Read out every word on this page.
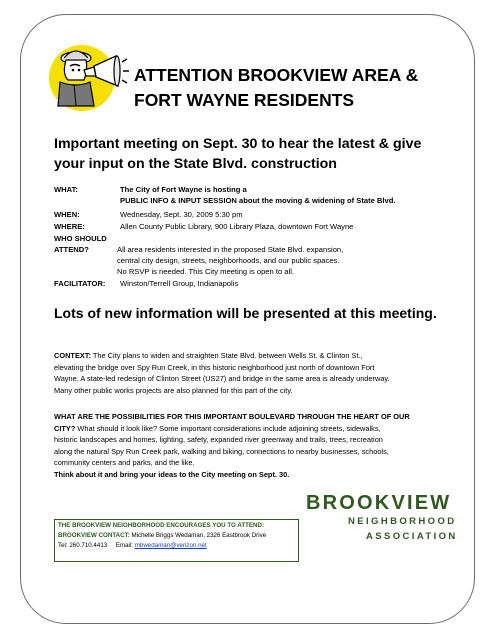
ATTENTION BROOKVIEW AREA &
FORT WAYNE RESIDENTS
Important meeting on Sept. 30 to hear the latest & give
your input on the State Blvd. construction
WHAT:	The City of Fort Wayne is hosting a
PUBLIC INFO & INPUT SESSION about the moving & widening of State Blvd.
WHEN:	Wednesday, Sept. 30, 2009 5:30 pm
WHERE:	Allen County Public Library, 900 Library Plaza, downtown Fort Wayne
WHO SHOULD
ATTEND?	All area residents interested in the proposed State Blvd. expansion,
central city design, streets, neighborhoods, and our public spaces.
No RSVP is needed. This City meeting is open to all.
FACILITATOR: Winston/Terrell Group, Indianapolis
Lots of new information will be presented at this meeting.
CONTEXT: The City plans to widen and straighten State Blvd. between Wells St. & Clinton St.,
elevating the bridge over Spy Run Creek, in this historic neighborhood just north of downtown Fort
Wayne. A state-led redesign of Clinton Street (US27) and bridge in the same area is already underway.
Many other public works projects are also planned for this part of the city.
WHAT ARE THE POSSIBILITIES FOR THIS IMPORTANT BOULEVARD THROUGH THE HEART OF OUR
CITY? What should it look like? Some important considerations include adjoining streets, sidewalks,
historic landscapes and homes, lighting, safety, expanded river greenway and trails, trees, recreation
along the natural Spy Run Creek park, walking and biking, connections to nearby businesses, schools,
community centers and parks, and the like.
Think about it and bring your ideas to the City meeting on Sept. 30.
BROOKVIEW
NEIGHBORHOOD
ASSOCIATION
THE BROOKVIEW NEIGHBORHOOD ENCOURAGES YOU TO ATTEND:
BROOKVIEW CONTACT: Michelle Briggs Wedaman, 2326 Eastbrook Drive
Tel: 260.710.4413 Email: mbwedaman@verizon.net
